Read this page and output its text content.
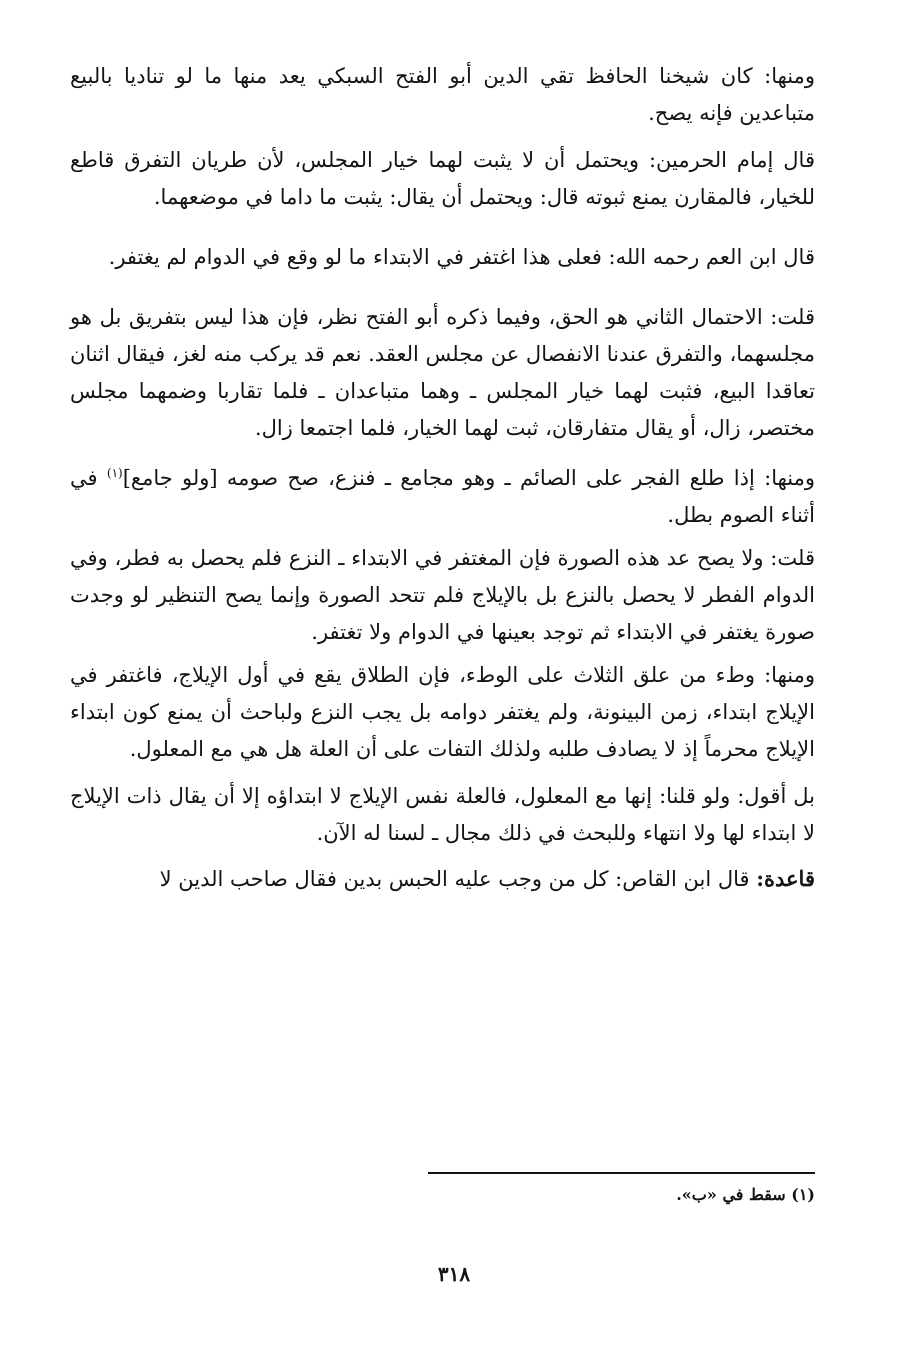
ومنها: كان شيخنا الحافظ تقي الدين أبو الفتح السبكي يعد منها ما لو تناديا بالبيع متباعدين فإنه يصح.

قال إمام الحرمين: ويحتمل أن لا يثبت لهما خيار المجلس، لأن طريان التفرق قاطع للخيار، فالمقارن يمنع ثبوته قال: ويحتمل أن يقال: يثبت ما داما في موضعهما.

قال ابن العم رحمه الله: فعلى هذا اغتفر في الابتداء ما لو وقع في الدوام لم يغتفر.

قلت: الاحتمال الثاني هو الحق، وفيما ذكره أبو الفتح نظر، فإن هذا ليس بتفريق بل هو مجلسهما، والتفرق عندنا الانفصال عن مجلس العقد. نعم قد يركب منه لغز، فيقال اثنان تعاقدا البيع، فثبت لهما خيار المجلس ـ وهما متباعدان ـ فلما تقاربا وضمهما مجلس مختصر، زال، أو يقال متفارقان، ثبت لهما الخيار، فلما اجتمعا زال.

ومنها: إذا طلع الفجر على الصائم ـ وهو مجامع ـ فنزع، صح صومه [ولو جامع]$^{(١)}$ في أثناء الصوم بطل.

قلت: ولا يصح عد هذه الصورة فإن المغتفر في الابتداء ـ النزع فلم يحصل به فطر، وفي الدوام الفطر لا يحصل بالنزع بل بالإيلاج فلم تتحد الصورة وإنما يصح التنظير لو وجدت صورة يغتفر في الابتداء ثم توجد بعينها في الدوام ولا تغتفر.

ومنها: وطء من علق الثلاث على الوطء، فإن الطلاق يقع في أول الإيلاج، فاغتفر في الإيلاج ابتداء، زمن البينونة، ولم يغتفر دوامه بل يجب النزع ولباحث أن يمنع كون ابتداء الإيلاج محرماً إذ لا يصادف طلبه ولذلك التفات على أن العلة هل هي مع المعلول.

بل أقول: ولو قلنا: إنها مع المعلول، فالعلة نفس الإيلاج لا ابتداؤه إلا أن يقال ذات الإيلاج لا ابتداء لها ولا انتهاء وللبحث في ذلك مجال ـ لسنا له الآن.

قاعدة: قال ابن القاص: كل من وجب عليه الحبس بدين فقال صاحب الدين لا

(١) سقط في «ب».
٣١٨
